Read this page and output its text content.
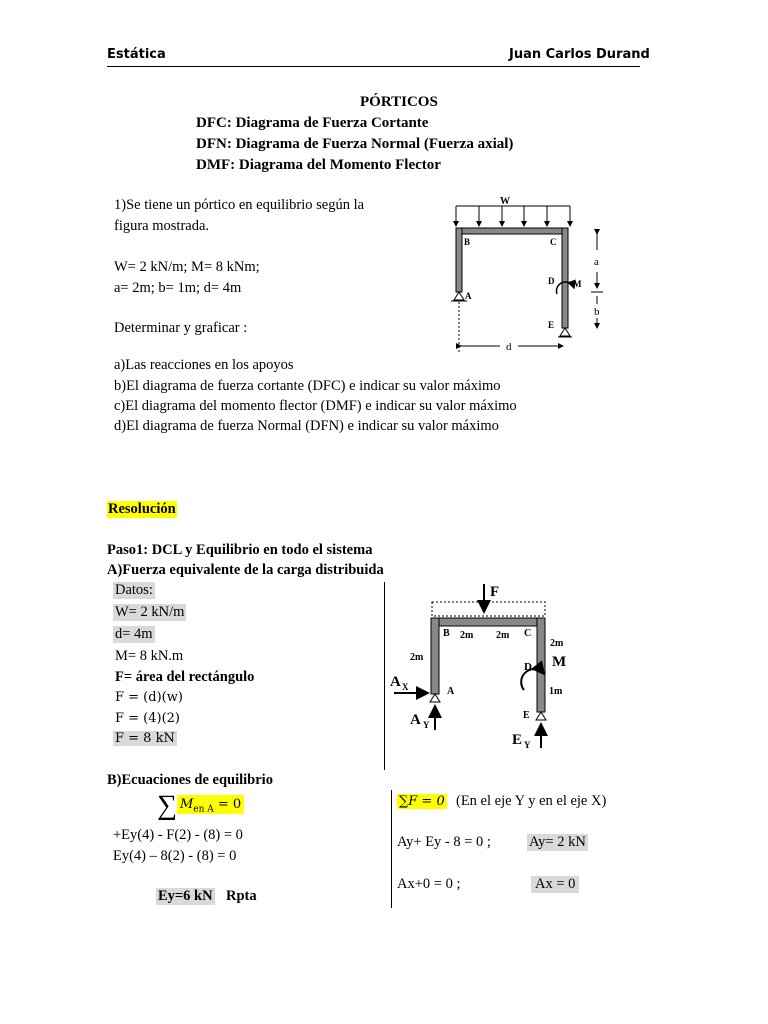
Estática	Juan Carlos Durand
PÓRTICOS
DFC: Diagrama de Fuerza Cortante
DFN: Diagrama de Fuerza Normal (Fuerza axial)
DMF: Diagrama del Momento Flector
1)Se tiene un pórtico en equilibrio según la
figura mostrada.
W= 2 kN/m; M= 8 kNm;
a= 2m; b= 1m; d= 4m
Determinar y graficar :
a)Las reacciones en los apoyos
b)El diagrama de fuerza cortante (DFC) e indicar su valor máximo
c)El diagrama del momento flector (DMF) e indicar su valor máximo
d)El diagrama de fuerza Normal (DFN) e indicar su valor máximo
W
B	C
D M
A
E
a
b
d
Resolución
Paso1: DCL y Equilibrio en todo el sistema
A)Fuerza equivalente de la carga distribuida
Datos:
W= 2 kN/m
d= 4m
M= 8 kN.m
F= área del rectángulo
F = (d)(w)
F = (4)(2)
F = 8 kN
F
B 2m 2m C
2m
2m
D M
1m
A
E
A X
A Y
E Y
B)Ecuaciones de equilibrio
∑ $M_{en A} = 0$
+Ey(4) - F(2) - (8) = 0
Ey(4) – 8(2) - (8) = 0
Ey=6 kN Rpta
∑F = 0 (En el eje Y y en el eje X)
Ay+ Ey - 8 = 0 ;	Ay= 2 kN
Ax+0 = 0 ;	Ax = 0
